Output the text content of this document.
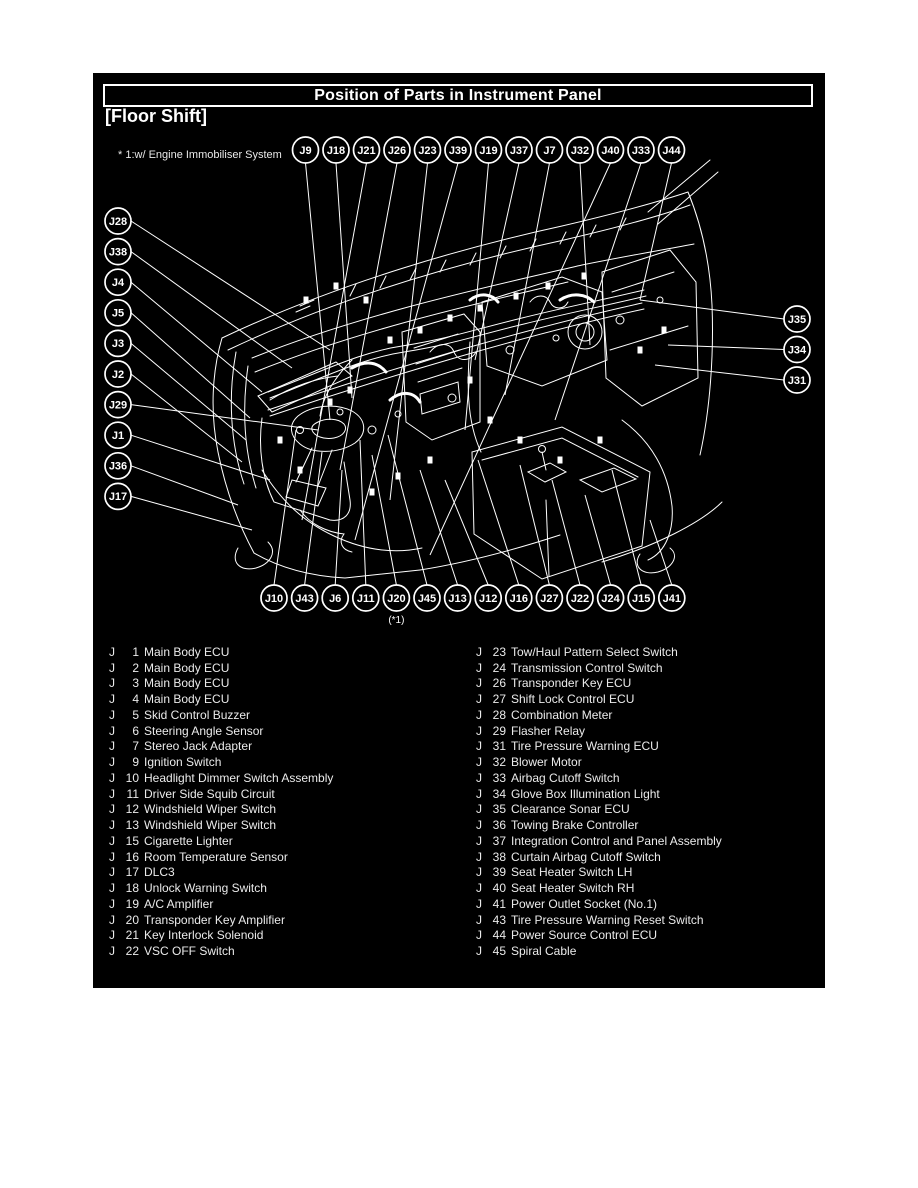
Position of Parts in Instrument Panel
[Floor Shift]
* 1:w/ Engine Immobiliser System J9 J18 J21 J26 J23 J39 J19 J37 J7 J32 J40 J33 J44
J28
J38
J4
J5
J3
J2
J29
J1
J36
J17
J35
J34
J31
J10 J43 J6 J11 J20 J45 J13 J12 J16 J27 J22 J24 J15 J41
(*1)
J	1 Main Body ECU
J	2 Main Body ECU
J	3 Main Body ECU
J	4 Main Body ECU
J	5 Skid Control Buzzer
J	6 Steering Angle Sensor
J	7 Stereo Jack Adapter
J	9 Ignition Switch
J 10 Headlight Dimmer Switch Assembly
J 11 Driver Side Squib Circuit
J 12 Windshield Wiper Switch
J 13 Windshield Wiper Switch
J 15 Cigarette Lighter
J 16 Room Temperature Sensor
J 17 DLC3
J 18 Unlock Warning Switch
J 19 A/C Amplifier
J 20 Transponder Key Amplifier
J 21 Key Interlock Solenoid
J 22 VSC OFF Switch
J 23 Tow/Haul Pattern Select Switch
J 24 Transmission Control Switch
J 26 Transponder Key ECU
J 27 Shift Lock Control ECU
J 28 Combination Meter
J 29 Flasher Relay
J 31 Tire Pressure Warning ECU
J 32 Blower Motor
J 33 Airbag Cutoff Switch
J 34 Glove Box Illumination Light
J 35 Clearance Sonar ECU
J 36 Towing Brake Controller
J 37 Integration Control and Panel Assembly
J 38 Curtain Airbag Cutoff Switch
J 39 Seat Heater Switch LH
J 40 Seat Heater Switch RH
J 41 Power Outlet Socket (No.1)
J 43 Tire Pressure Warning Reset Switch
J 44 Power Source Control ECU
J 45 Spiral Cable
